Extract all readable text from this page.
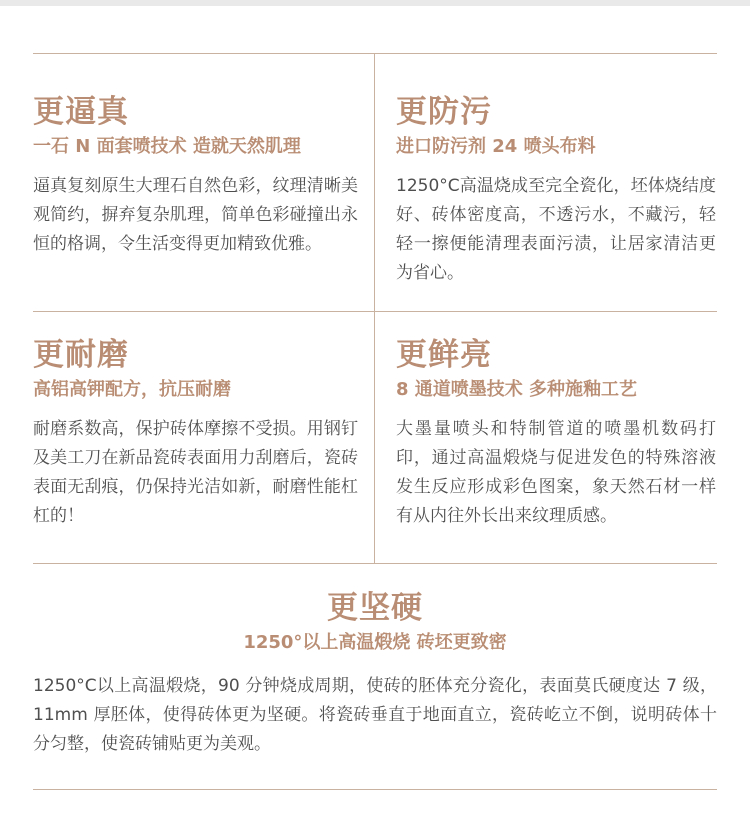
更逼真
一石 N 面套喷技术 造就天然肌理
逼真复刻原生大理石自然色彩，纹理清晰美观简约，摒弃复杂肌理，简单色彩碰撞出永恒的格调，令生活变得更加精致优雅。
更防污
进口防污剂 24 喷头布料
1250°C高温烧成至完全瓷化，坯体烧结度好、砖体密度高，不透污水，不藏污，轻轻一擦便能清理表面污渍，让居家清洁更为省心。
更耐磨
高铝高钾配方，抗压耐磨
耐磨系数高，保护砖体摩擦不受损。用钢钉及美工刀在新品瓷砖表面用力刮磨后，瓷砖表面无刮痕，仍保持光洁如新，耐磨性能杠杠的！
更鲜亮
8 通道喷墨技术 多种施釉工艺
大墨量喷头和特制管道的喷墨机数码打印，通过高温煅烧与促进发色的特殊溶液发生反应形成彩色图案，象天然石材一样有从内往外长出来纹理质感。
更坚硬
1250°以上高温煅烧 砖坯更致密
1250°C以上高温煅烧，90 分钟烧成周期，使砖的胚体充分瓷化，表面莫氏硬度达 7 级，11mm 厚胚体，使得砖体更为坚硬。将瓷砖垂直于地面直立，瓷砖屹立不倒，说明砖体十分匀整，使瓷砖铺贴更为美观。
